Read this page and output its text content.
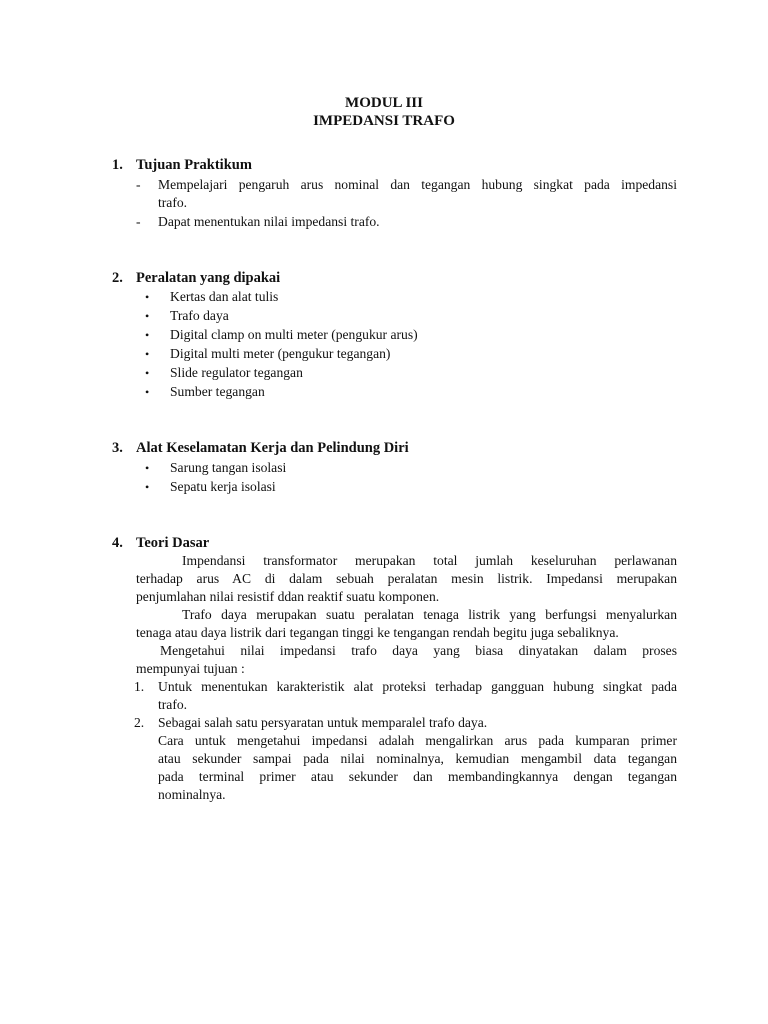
MODUL III
IMPEDANSI TRAFO
1. Tujuan Praktikum
- Mempelajari pengaruh arus nominal dan tegangan hubung singkat pada impedansi
trafo.
- Dapat menentukan nilai impedansi trafo.
2. Peralatan yang dipakai
• Kertas dan alat tulis
• Trafo daya
• Digital clamp on multi meter (pengukur arus)
• Digital multi meter (pengukur tegangan)
• Slide regulator tegangan
• Sumber tegangan
3. Alat Keselamatan Kerja dan Pelindung Diri
• Sarung tangan isolasi
• Sepatu kerja isolasi
4. Teori Dasar
Impendansi transformator merupakan total jumlah keseluruhan perlawanan
terhadap arus AC di dalam sebuah peralatan mesin listrik. Impedansi merupakan
penjumlahan nilai resistif ddan reaktif suatu komponen.
Trafo daya merupakan suatu peralatan tenaga listrik yang berfungsi menyalurkan
tenaga atau daya listrik dari tegangan tinggi ke tengangan rendah begitu juga sebaliknya.
Mengetahui nilai impedansi trafo daya yang biasa dinyatakan dalam proses
mempunyai tujuan :
1. Untuk menentukan karakteristik alat proteksi terhadap gangguan hubung singkat pada
trafo.
2. Sebagai salah satu persyaratan untuk memparalel trafo daya.
Cara untuk mengetahui impedansi adalah mengalirkan arus pada kumparan primer
atau sekunder sampai pada nilai nominalnya, kemudian mengambil data tegangan
pada terminal primer atau sekunder dan membandingkannya dengan tegangan
nominalnya.
